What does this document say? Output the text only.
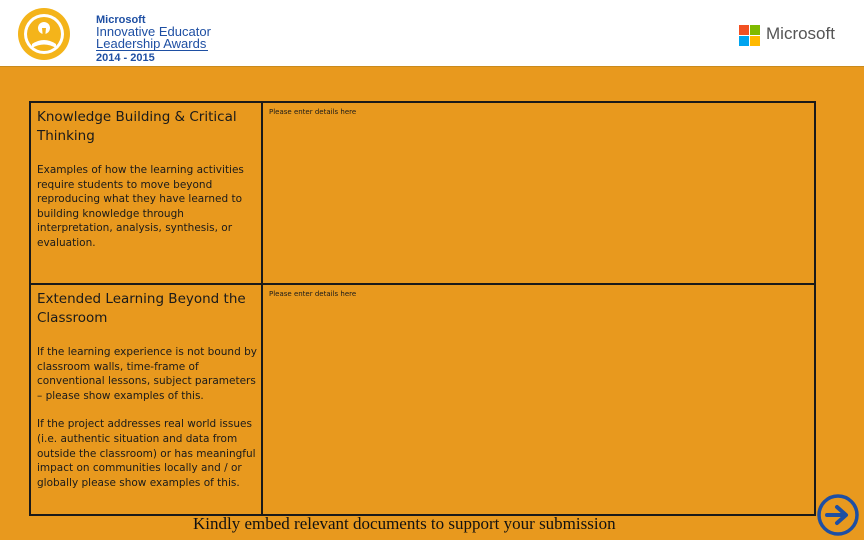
Microsoft
Innovative Educator
Leadership Awards
2014 - 2015
Microsoft

Knowledge Building & Critical Thinking

Examples of how the learning activities require students to move beyond reproducing what they have learned to building knowledge through interpretation, analysis, synthesis, or evaluation.

Please enter details here

Extended Learning Beyond the Classroom

If the learning experience is not bound by classroom walls, time-frame of conventional lessons, subject parameters – please show examples of this.

If the project addresses real world issues (i.e. authentic situation and data from outside the classroom) or has meaningful impact on communities locally and / or globally please show examples of this.

Please enter details here
Kindly embed relevant documents to support your submission
